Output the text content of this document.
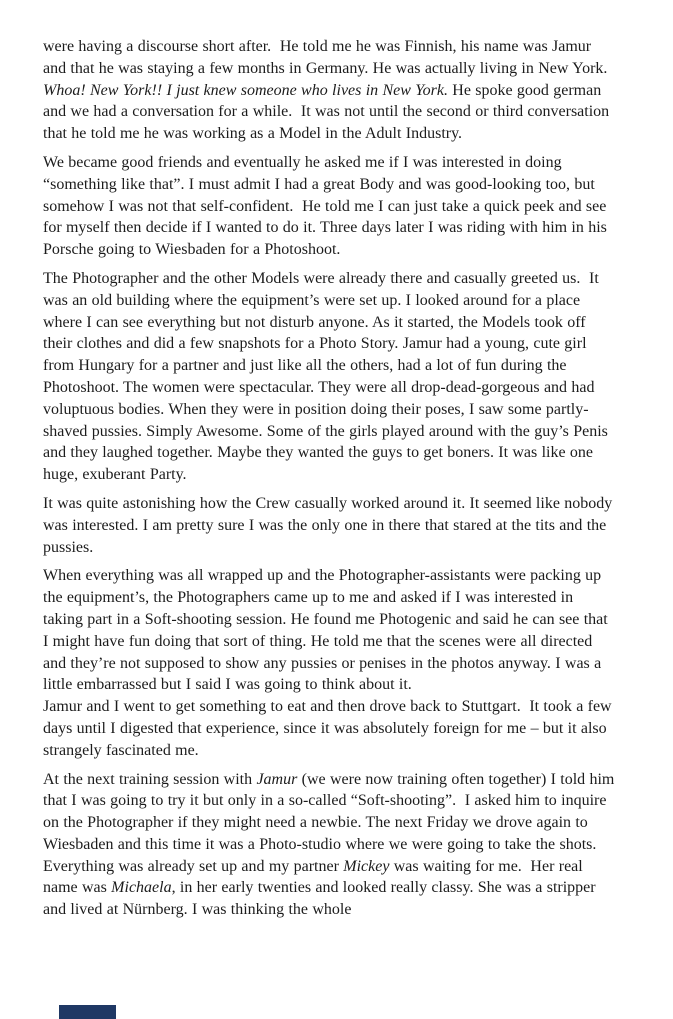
were having a discourse short after.  He told me he was Finnish, his name was Jamur and that he was staying a few months in Germany. He was actually living in New York. Whoa! New York!! I just knew someone who lives in New York. He spoke good german and we had a conversation for a while.  It was not until the second or third conversation that he told me he was working as a Model in the Adult Industry.

We became good friends and eventually he asked me if I was interested in doing “something like that”. I must admit I had a great Body and was good-looking too, but somehow I was not that self-confident.  He told me I can just take a quick peek and see for myself then decide if I wanted to do it. Three days later I was riding with him in his Porsche going to Wiesbaden for a Photoshoot.

The Photographer and the other Models were already there and casually greeted us.  It was an old building where the equipment’s were set up. I looked around for a place where I can see everything but not disturb anyone. As it started, the Models took off their clothes and did a few snapshots for a Photo Story. Jamur had a young, cute girl from Hungary for a partner and just like all the others, had a lot of fun during the Photoshoot. The women were spectacular. They were all drop-dead-gorgeous and had voluptuous bodies. When they were in position doing their poses, I saw some partly-shaved pussies. Simply Awesome. Some of the girls played around with the guy’s Penis and they laughed together. Maybe they wanted the guys to get boners. It was like one huge, exuberant Party.

It was quite astonishing how the Crew casually worked around it. It seemed like nobody was interested. I am pretty sure I was the only one in there that stared at the tits and the pussies.

When everything was all wrapped up and the Photographer-assistants were packing up the equipment’s, the Photographers came up to me and asked if I was interested in taking part in a Soft-shooting session. He found me Photogenic and said he can see that I might have fun doing that sort of thing. He told me that the scenes were all directed and they’re not supposed to show any pussies or penises in the photos anyway. I was a little embarrassed but I said I was going to think about it.

Jamur and I went to get something to eat and then drove back to Stuttgart.  It took a few days until I digested that experience, since it was absolutely foreign for me – but it also strangely fascinated me.

At the next training session with Jamur (we were now training often together) I told him that I was going to try it but only in a so-called “Soft-shooting”.  I asked him to inquire on the Photographer if they might need a newbie. The next Friday we drove again to Wiesbaden and this time it was a Photo-studio where we were going to take the shots.  Everything was already set up and my partner Mickey was waiting for me.  Her real name was Michaela, in her early twenties and looked really classy. She was a stripper and lived at Nürnberg. I was thinking the whole
